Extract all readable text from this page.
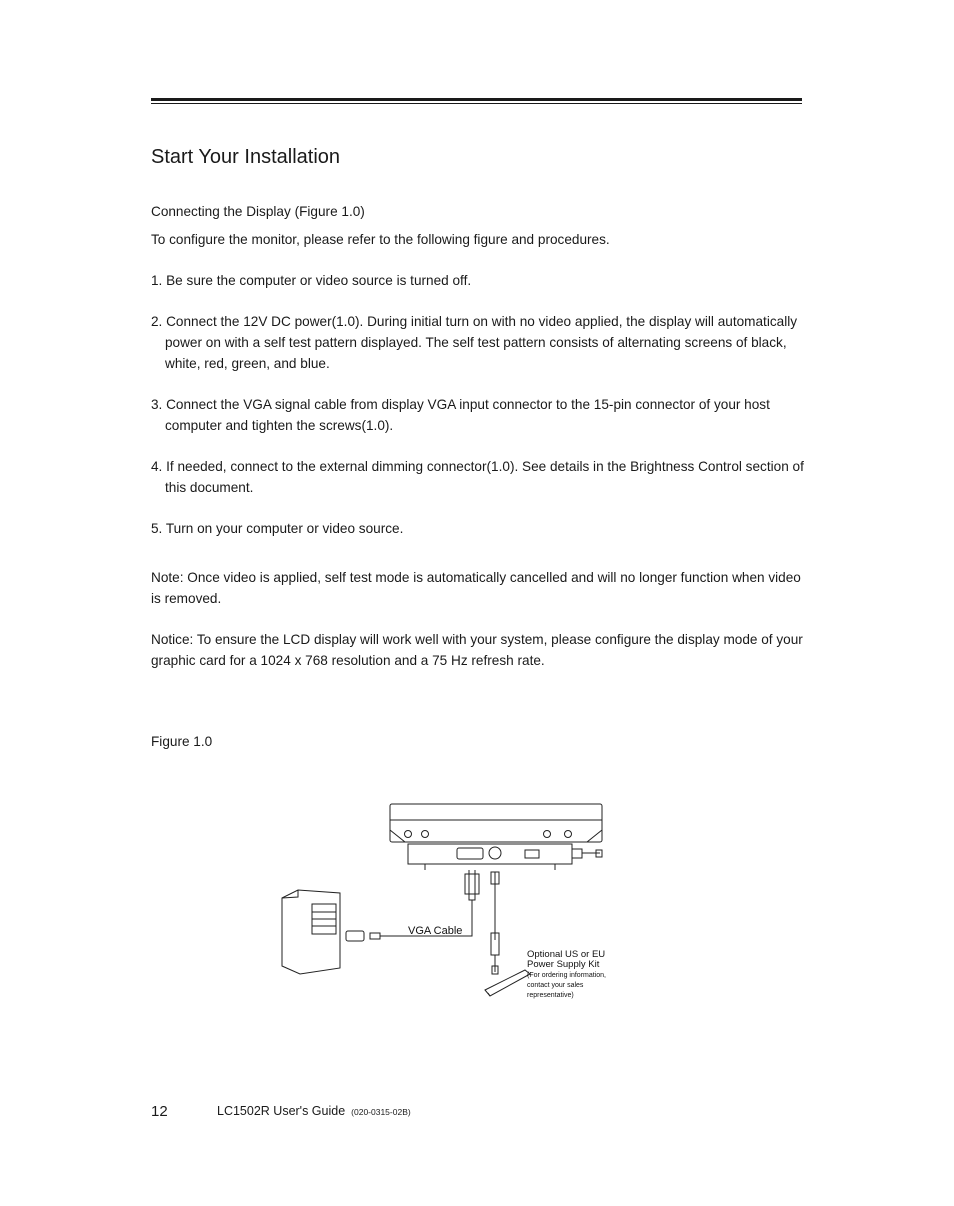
Start Your Installation

Connecting the Display (Figure 1.0)

To configure the monitor, please refer to the following figure and procedures.

1. Be sure the computer or video source is turned off.

2. Connect the 12V DC power(1.0). During initial turn on with no video applied, the display will automatically power on with a self test pattern displayed. The self test pattern consists of alternating screens of black, white, red, green, and blue.

3. Connect the VGA signal cable from display VGA input connector to the 15-pin connector of your host computer and tighten the screws(1.0).

4. If needed, connect to the external dimming connector(1.0). See details in the Brightness Control section of this document.

5. Turn on your computer or video source.

Note: Once video is applied, self test mode is automatically cancelled and will no longer function when video is removed.

Notice: To ensure the LCD display will work well with your system, please configure the display mode of your graphic card for a 1024 x 768 resolution and a 75 Hz refresh rate.

Figure 1.0

VGA Cable
Optional US or EU
Power Supply Kit
(For ordering information,
contact your sales
representative)
12	LC1502R User's Guide (020-0315-02B)
